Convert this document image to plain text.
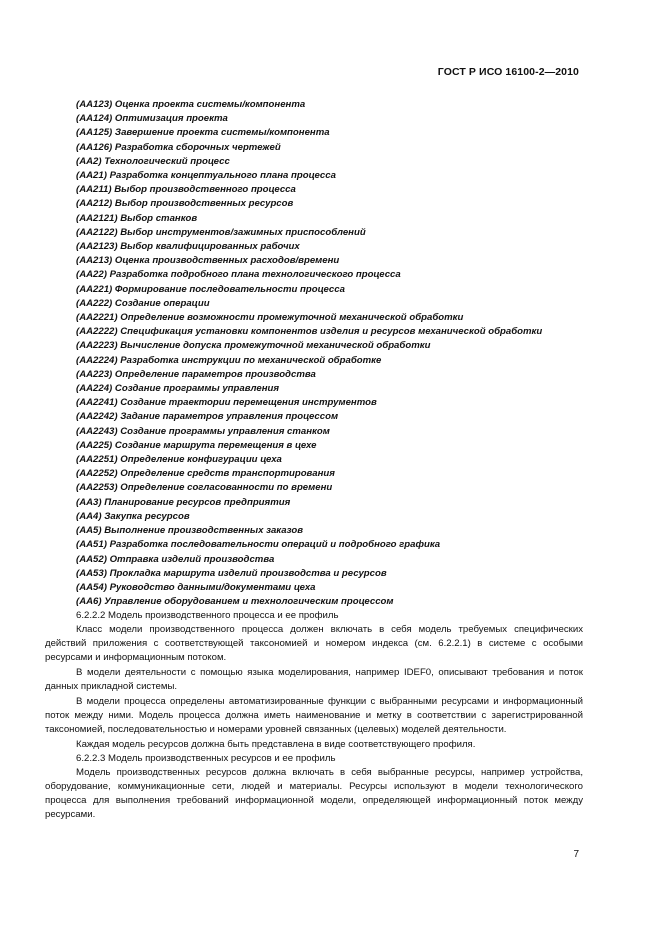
ГОСТ Р ИСО 16100-2—2010

(AA123) Оценка проекта системы/компонента

(AA124) Оптимизация проекта

(AA125) Завершение проекта системы/компонента

(AA126) Разработка сборочных чертежей

(AA2) Технологический процесс

(AA21) Разработка концептуального плана процесса

(AA211) Выбор производственного процесса

(AA212) Выбор производственных ресурсов

(AA2121) Выбор станков

(AA2122) Выбор инструментов/зажимных приспособлений

(AA2123) Выбор квалифицированных рабочих

(AA213) Оценка производственных расходов/времени

(AA22) Разработка подробного плана технологического процесса

(AA221) Формирование последовательности процесса

(AA222) Создание операции

(AA2221) Определение возможности промежуточной механической обработки

(AA2222) Спецификация установки компонентов изделия и ресурсов механической обработки

(AA2223) Вычисление допуска промежуточной механической обработки

(AA2224) Разработка инструкции по механической обработке

(AA223) Определение параметров производства

(AA224) Создание программы управления

(AA2241) Создание траектории перемещения инструментов

(AA2242) Задание параметров управления процессом

(AA2243) Создание программы управления станком

(AA225) Создание маршрута перемещения в цехе

(AA2251) Определение конфигурации цеха

(AA2252) Определение средств транспортирования

(AA2253) Определение согласованности по времени

(AA3) Планирование ресурсов предприятия

(AA4) Закупка ресурсов

(AA5) Выполнение производственных заказов

(AA51) Разработка последовательности операций и подробного графика

(AA52) Отправка изделий производства

(AA53) Прокладка маршрута изделий производства и ресурсов

(AA54) Руководство данными/документами цеха

(AA6) Управление оборудованием и технологическим процессом

6.2.2.2 Модель производственного процесса и ее профиль

Класс модели производственного процесса должен включать в себя модель требуемых специфических действий приложения с соответствующей таксономией и номером индекса (см. 6.2.2.1) в системе с особыми ресурсами и информационным потоком.

В модели деятельности с помощью языка моделирования, например IDEF0, описывают требования и поток данных прикладной системы.

В модели процесса определены автоматизированные функции с выбранными ресурсами и информационный поток между ними. Модель процесса должна иметь наименование и метку в соответствии с зарегистрированной таксономией, последовательностью и номерами уровней связанных (целевых) моделей деятельности.

Каждая модель ресурсов должна быть представлена в виде соответствующего профиля.

6.2.2.3 Модель производственных ресурсов и ее профиль

Модель производственных ресурсов должна включать в себя выбранные ресурсы, например устройства, оборудование, коммуникационные сети, людей и материалы. Ресурсы используют в модели технологического процесса для выполнения требований информационной модели, определяющей информационный поток между ресурсами.

7
